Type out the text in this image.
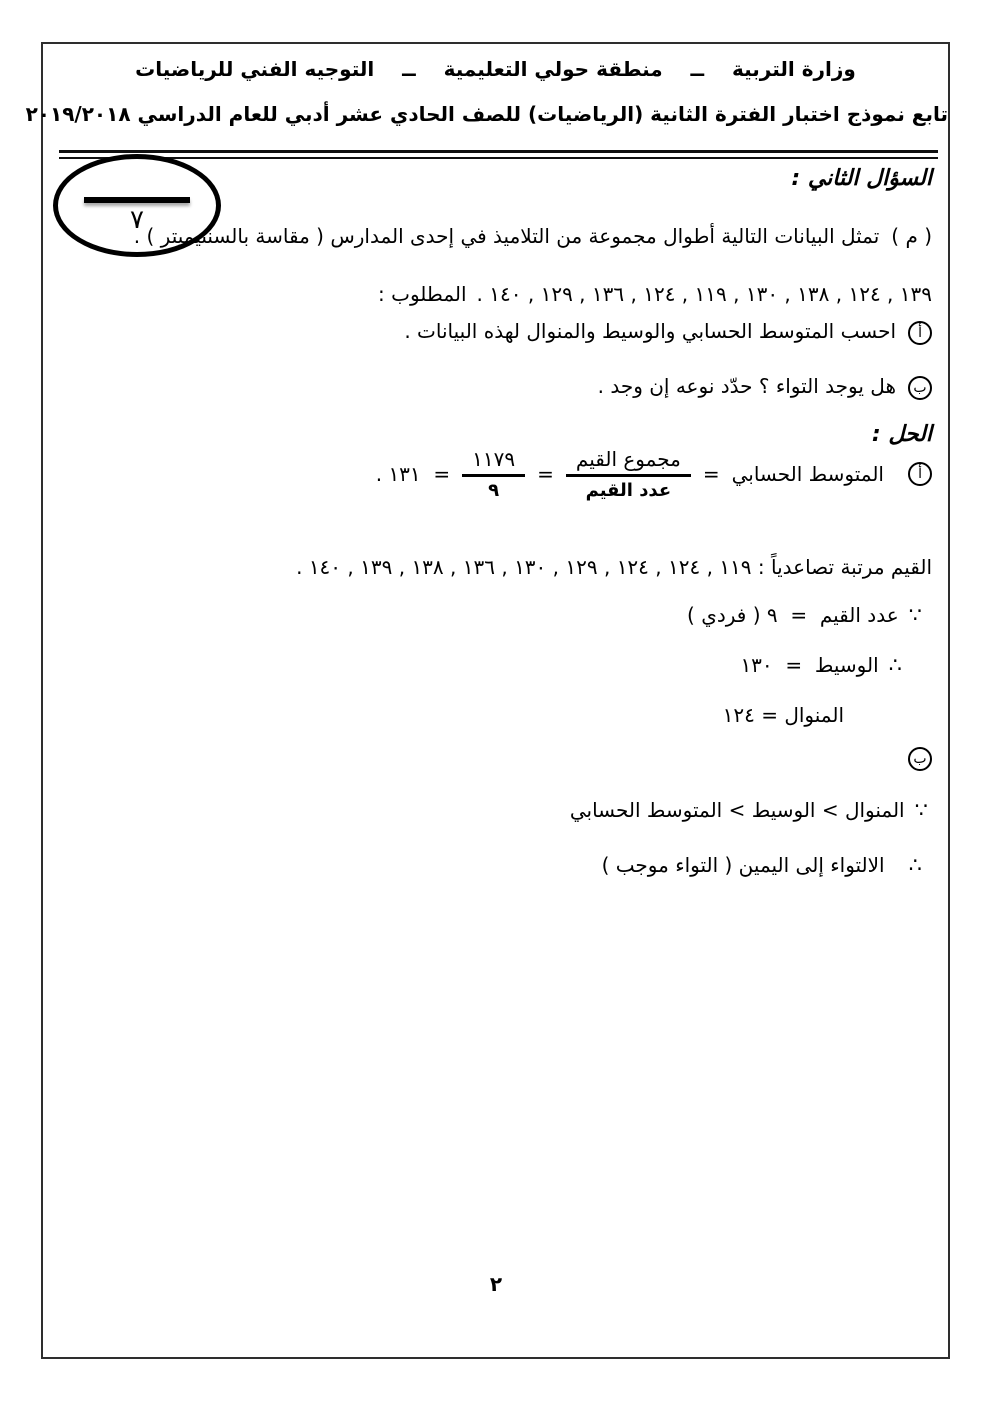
وزارة التربية    ــ    منطقة حولي التعليمية    ــ    التوجيه الفني للرياضيات
تابع نموذج اختبار الفترة الثانية (الرياضيات) للصف الحادي عشر أدبي للعام الدراسي ٢٠١٩/٢٠١٨
السؤال الثاني :
٧
( م )تمثل البيانات التالية أطوال مجموعة من التلاميذ في إحدى المدارس ( مقاسة بالسنتيميتر ) .
١٣٩ , ١٢٤ , ١٣٨ , ١٣٠ , ١١٩ , ١٢٤ , ١٣٦ , ١٢٩ , ١٤٠ .المطلوب :
أاحسب المتوسط الحسابي والوسيط والمنوال لهذه البيانات .
بهل يوجد التواء ؟ حدّد نوعه إن وجد .
الحل :
أ
المتوسط الحسابي
=
$\frac{\text{مجموع القيم}}{\text{عدد القيم}}$
=
$\frac{١١٧٩}{٩}$
=  ١٣١ .
القيم مرتبة تصاعدياً : ١١٩ , ١٢٤ , ١٢٤ , ١٢٩ , ١٣٠ , ١٣٦ , ١٣٨ , ١٣٩ , ١٤٠ .
∵عدد القيم  =  ٩ ( فردي )
∴الوسيط  =  ١٣٠
المنوال = ١٢٤
ب
∵المنوال > الوسيط > المتوسط الحسابي
∴الالتواء إلى اليمين ( التواء موجب )
٢
